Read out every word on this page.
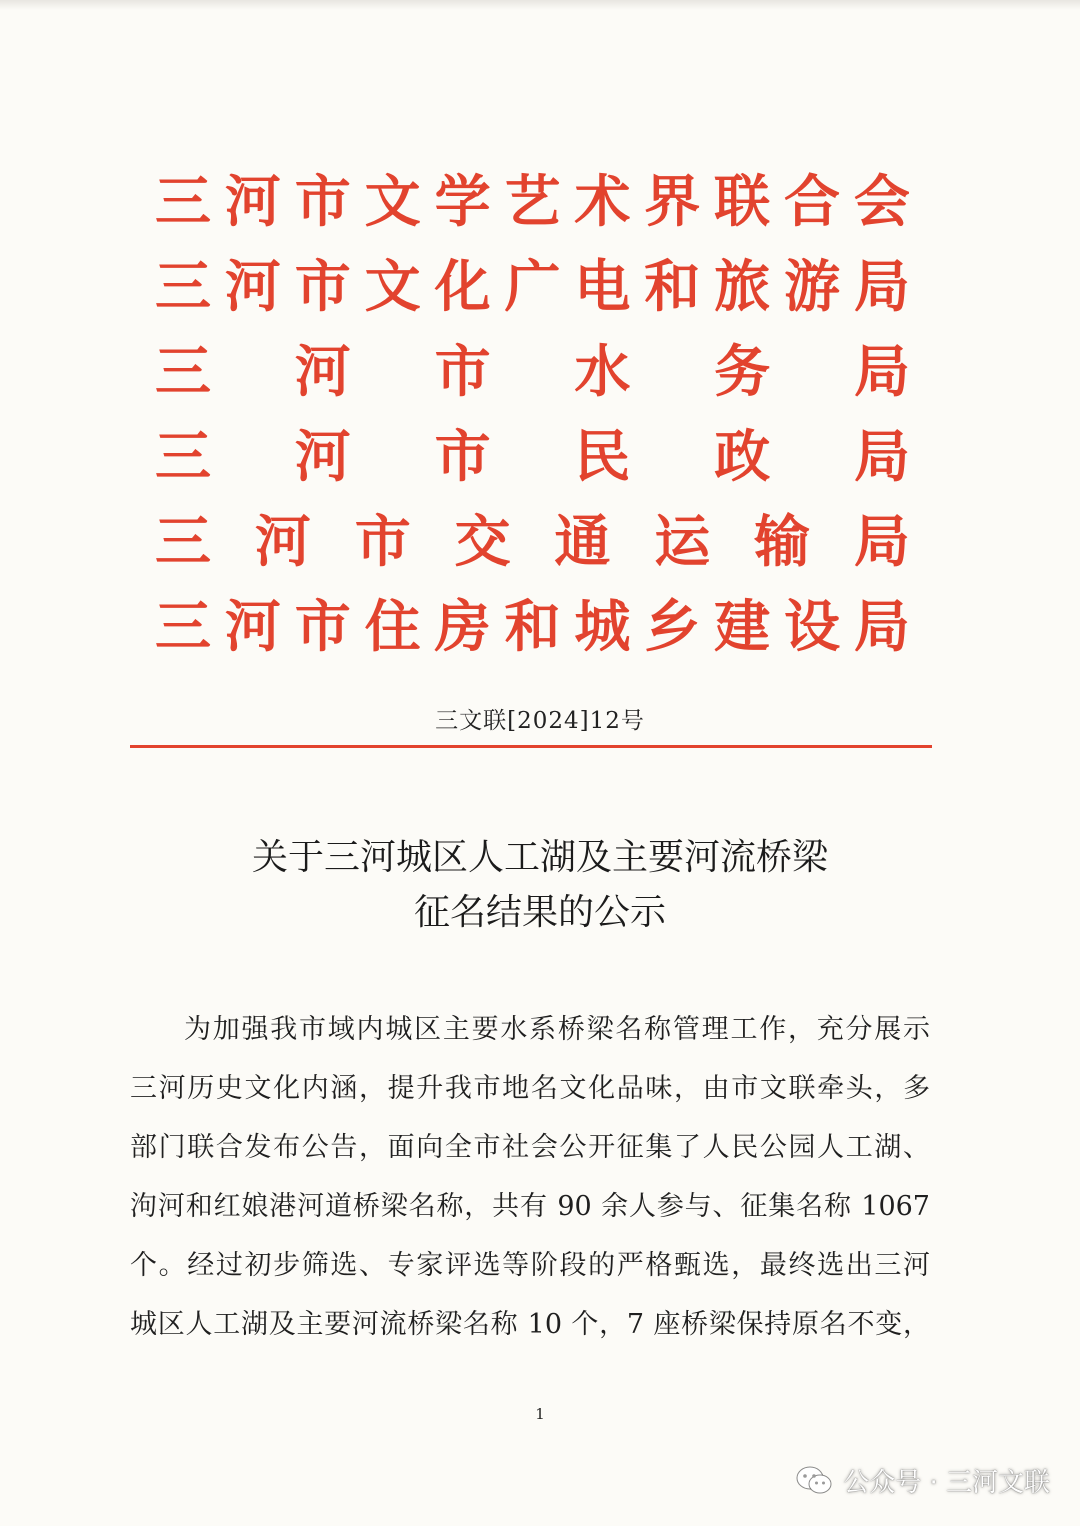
三 河 市 文 学 艺 术 界 联 合 会
三 河 市 文 化 广 电 和 旅 游 局
三 河 市 水 务 局
三 河 市 民 政 局
三 河 市 交 通 运 输 局
三 河 市 住 房 和 城 乡 建 设 局
三文联[2024]12号
关于三河城区人工湖及主要河流桥梁
征名结果的公示
为加强我市域内城区主要水系桥梁名称管理工作，充分展示
三河历史文化内涵，提升我市地名文化品味，由市文联牵头，多
部门联合发布公告，面向全市社会公开征集了人民公园人工湖、
泃河和红娘港河道桥梁名称，共有 90 余人参与、征集名称 1067
个。经过初步筛选、专家评选等阶段的严格甄选，最终选出三河
城区人工湖及主要河流桥梁名称 10 个，7 座桥梁保持原名不变，
1
公众号 · 三河文联
